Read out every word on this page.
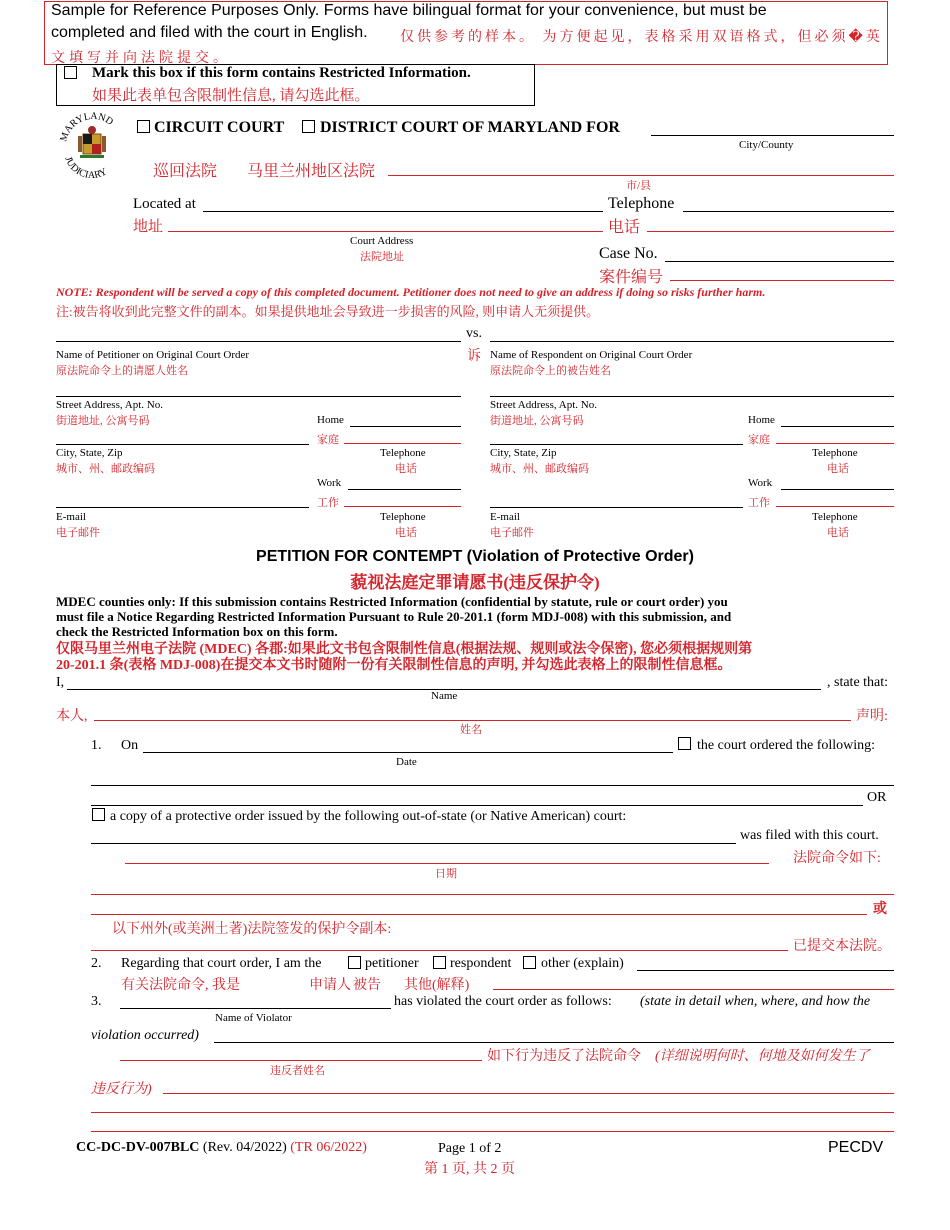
Sample for Reference Purposes Only. Forms have bilingual format for your convenience, but must be
completed and filed with the court in English. 仅供参考的样本。 为方便起见，表格采用双语格式，但必须�英
文填写并向法院提交。
Mark this box if this form contains Restricted Information.
如果此表单包含限制性信息, 请勾选此框。
MARYLAND
JUDICIARY
CIRCUIT COURT DISTRICT COURT OF MARYLAND FOR
City/County
巡回法院 马里兰州地区法院
市/县
Located at	Telephone
地址	电话
Court Address
法院地址	Case No.
案件编号
NOTE: Respondent will be served a copy of this completed document. Petitioner does not need to give an address if doing so risks further harm.
注:被告将收到此完整文件的副本。如果提供地址会导致进一步损害的风险, 则申请人无须提供。
vs.
诉
Name of Petitioner on Original Court Order
原法院命令上的请愿人姓名
Name of Respondent on Original Court Order
原法院命令上的被告姓名
Street Address, Apt. No.
街道地址, 公寓号码	Home
家庭
City, State, Zip
城市、州、邮政编码
Telephone
电话
Work
工作
E-mail
电子邮件
Telephone
电话
Street Address, Apt. No.
街道地址, 公寓号码	Home
家庭
City, State, Zip
城市、州、邮政编码
Telephone
电话
Work
工作
E-mail
电子邮件
Telephone
电话
PETITION FOR CONTEMPT (Violation of Protective Order)
藐视法庭定罪请愿书(违反保护令)
MDEC counties only: If this submission contains Restricted Information (confidential by statute, rule or court order) you
must file a Notice Regarding Restricted Information Pursuant to Rule 20-201.1 (form MDJ-008) with this submission, and
check the Restricted Information box on this form.
仅限马里兰州电子法院 (MDEC) 各郡:如果此文书包含限制性信息(根据法规、规则或法令保密), 您必须根据规则第
20-201.1 条(表格 MDJ-008)在提交本文书时随附一份有关限制性信息的声明, 并勾选此表格上的限制性信息框。
I,	, state that:
Name
本人,	声明:
姓名
1. On	the court ordered the following:
Date
OR
a copy of a protective order issued by the following out-of-state (or Native American) court:
was filed with this court.
法院命令如下:
日期
或
以下州外(或美洲土著)法院签发的保护令副本:
已提交本法院。
2. Regarding that court order, I am the	petitioner respondent other (explain)
有关法院命令, 我是	申请人 被告 其他(解释)
3.	has violated the court order as follows: (state in detail when, where, and how the
Name of Violator
violation occurred)
如下行为违反了法院命令 (详细说明何时、何地及如何发生了
违反者姓名
违反行为)
CC-DC-DV-007BLC (Rev. 04/2022) (TR 06/2022)	Page 1 of 2
第 1 页, 共 2 页
PECDV
